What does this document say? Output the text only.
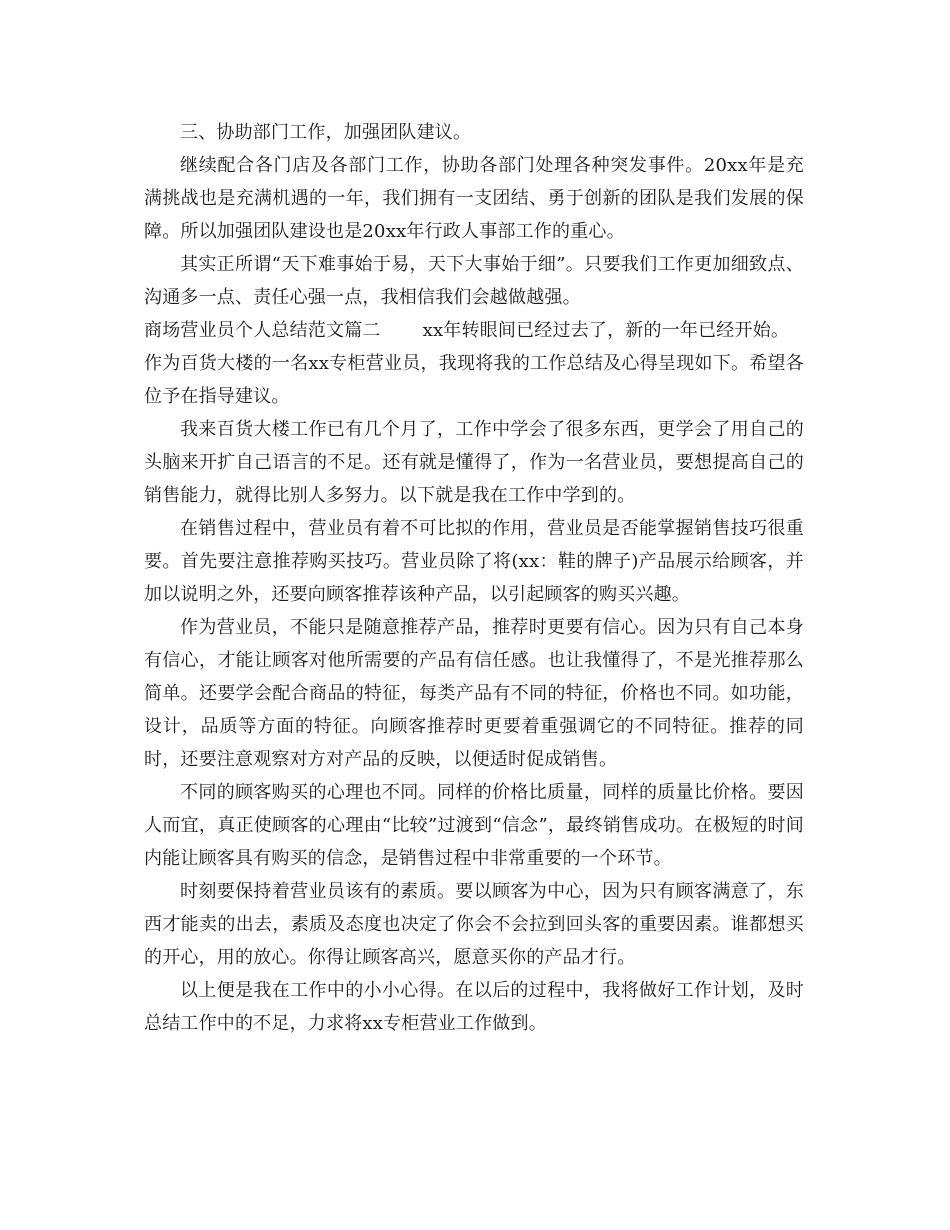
三、协助部门工作，加强团队建议。

继续配合各门店及各部门工作，协助各部门处理各种突发事件。20xx年是充满挑战也是充满机遇的一年，我们拥有一支团结、勇于创新的团队是我们发展的保障。所以加强团队建设也是20xx年行政人事部工作的重心。

其实正所谓“天下难事始于易，天下大事始于细”。只要我们工作更加细致点、沟通多一点、责任心强一点，我相信我们会越做越强。

商场营业员个人总结范文篇二 xx年转眼间已经过去了，新的一年已经开始。

作为百货大楼的一名xx专柜营业员，我现将我的工作总结及心得呈现如下。希望各位予在指导建议。

我来百货大楼工作已有几个月了，工作中学会了很多东西，更学会了用自己的头脑来开扩自己语言的不足。还有就是懂得了，作为一名营业员，要想提高自己的销售能力，就得比别人多努力。以下就是我在工作中学到的。

在销售过程中，营业员有着不可比拟的作用，营业员是否能掌握销售技巧很重要。首先要注意推荐购买技巧。营业员除了将(xx：鞋的牌子)产品展示给顾客，并加以说明之外，还要向顾客推荐该种产品，以引起顾客的购买兴趣。

作为营业员，不能只是随意推荐产品，推荐时更要有信心。因为只有自己本身有信心，才能让顾客对他所需要的产品有信任感。也让我懂得了，不是光推荐那么简单。还要学会配合商品的特征，每类产品有不同的特征，价格也不同。如功能，设计，品质等方面的特征。向顾客推荐时更要着重强调它的不同特征。推荐的同时，还要注意观察对方对产品的反映，以便适时促成销售。

不同的顾客购买的心理也不同。同样的价格比质量，同样的质量比价格。要因人而宜，真正使顾客的心理由“比较”过渡到“信念”，最终销售成功。在极短的时间内能让顾客具有购买的信念，是销售过程中非常重要的一个环节。

时刻要保持着营业员该有的素质。要以顾客为中心，因为只有顾客满意了，东西才能卖的出去，素质及态度也决定了你会不会拉到回头客的重要因素。谁都想买的开心，用的放心。你得让顾客高兴，愿意买你的产品才行。

以上便是我在工作中的小小心得。在以后的过程中，我将做好工作计划，及时总结工作中的不足，力求将xx专柜营业工作做到。
